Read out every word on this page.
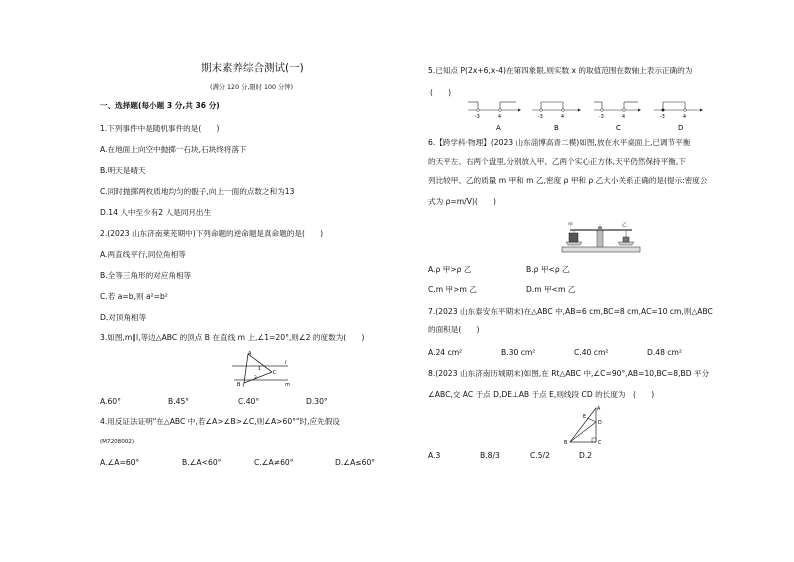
期末素养综合测试(一)
(满分 120 分,限时 100 分钟)
一、选择题(每小题 3 分,共 36 分)
1.下列事件中是随机事件的是(　　)
A.在地面上向空中抛掷一石块,石块终将落下
B.明天是晴天
C.同时抛掷两枚质地均匀的骰子,向上一面的点数之和为13
D.14 人中至少有2 人是同月出生
2.(2023 山东济南莱芜期中)下列命题的逆命题是真命题的是(　　)
A.两直线平行,同位角相等
B.全等三角形的对应角相等
C.若 a=b,则 a²=b²
D.对顶角相等
3.如图,m∥l,等边△ABC 的顶点 B 在直线 m 上,∠1=20°,则∠2 的度数为(　　)
A
1
2
B
C
l
m
A.60°	B.45°	C.40°	D.30°
4.用反证法证明"在△ABC 中,若∠A>∠B>∠C,则∠A>60°"时,应先假设
(M7208002)
A.∠A=60°	B.∠A<60°	C.∠A≠60°	D.∠A≤60°
5.已知点 P(2x+6,x-4)在第四象限,则实数 x 的取值范围在数轴上表示正确的为
(　　)
-3	4
A
-3	4
B
-3	4
C
-3	4
D
6.【跨学科·物理】(2023 山东淄博高青二模)如图,放在水平桌面上,已调节平衡
的天平左、右两个盘里,分别放入甲、乙两个实心正方体,天平仍然保持平衡,下
列比较甲、乙的质量 m 甲和 m 乙,密度 ρ 甲和 ρ 乙大小关系正确的是(提示:密度公
式为 ρ=m/V)(　　)
甲	乙
A.ρ 甲>ρ 乙	B.ρ 甲<ρ 乙
C.m 甲>m 乙	D.m 甲<m 乙
7.(2023 山东泰安东平期末)在△ABC 中,AB=6 cm,BC=8 cm,AC=10 cm,则△ABC
的面积是(　　)
A.24 cm²	B.30 cm²	C.40 cm²	D.48 cm²
8.(2023 山东济南历城期末)如图,在 Rt△ABC 中,∠C=90°,AB=10,BC=8,BD 平分
∠ABC,交 AC 于点 D,DE⊥AB 于点 E,则线段 CD 的长度为　(　　)
A
E
D
B	C
A.3	B.8/3	C.5/2	D.2
